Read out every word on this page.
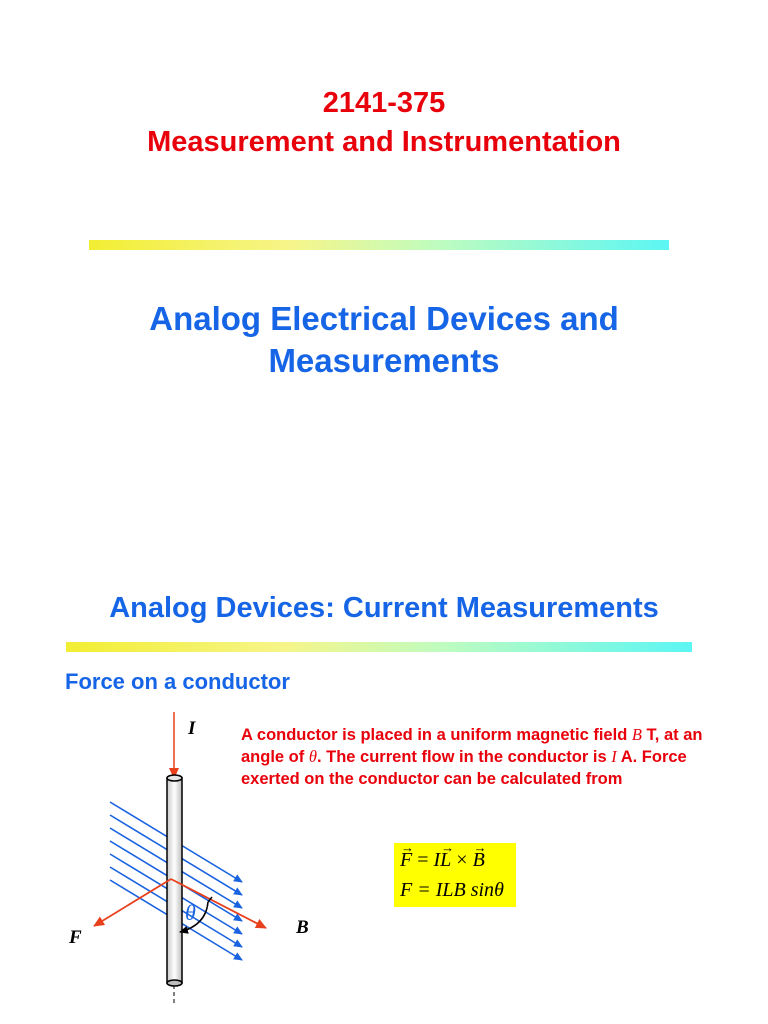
2141-375
Measurement and Instrumentation
Analog Electrical Devices and Measurements
Analog Devices: Current Measurements
Force on a conductor
A conductor is placed in a uniform magnetic field B T, at an angle of θ. The current flow in the conductor is I A. Force exerted on the conductor can be calculated from
→ F = I→ L × → B
F = ILB sinθ
I
F	B
θ
